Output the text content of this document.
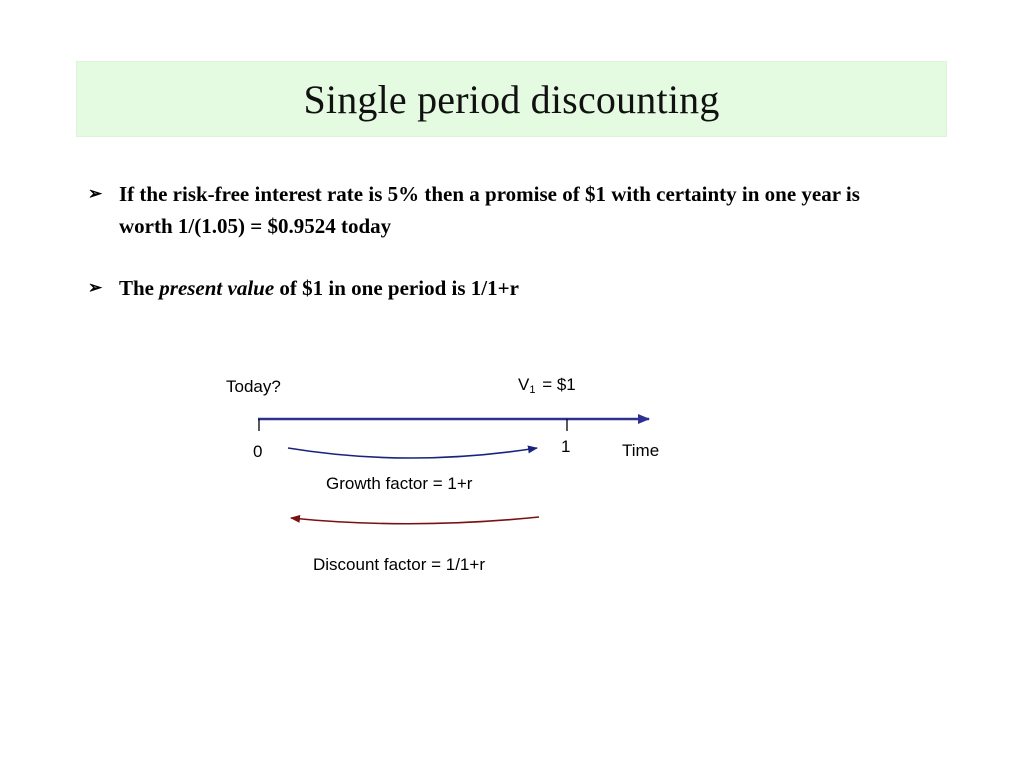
Single period discounting
➢ If the risk-free interest rate is 5% then a promise of $1 with certainty in one year is worth 1/(1.05) = $0.9524 today
➢ The present value of $1 in one period is 1/1+r
Today?	$V_1$ = $1
0	1	Time
Growth factor = 1+r
Discount factor = 1/1+r
